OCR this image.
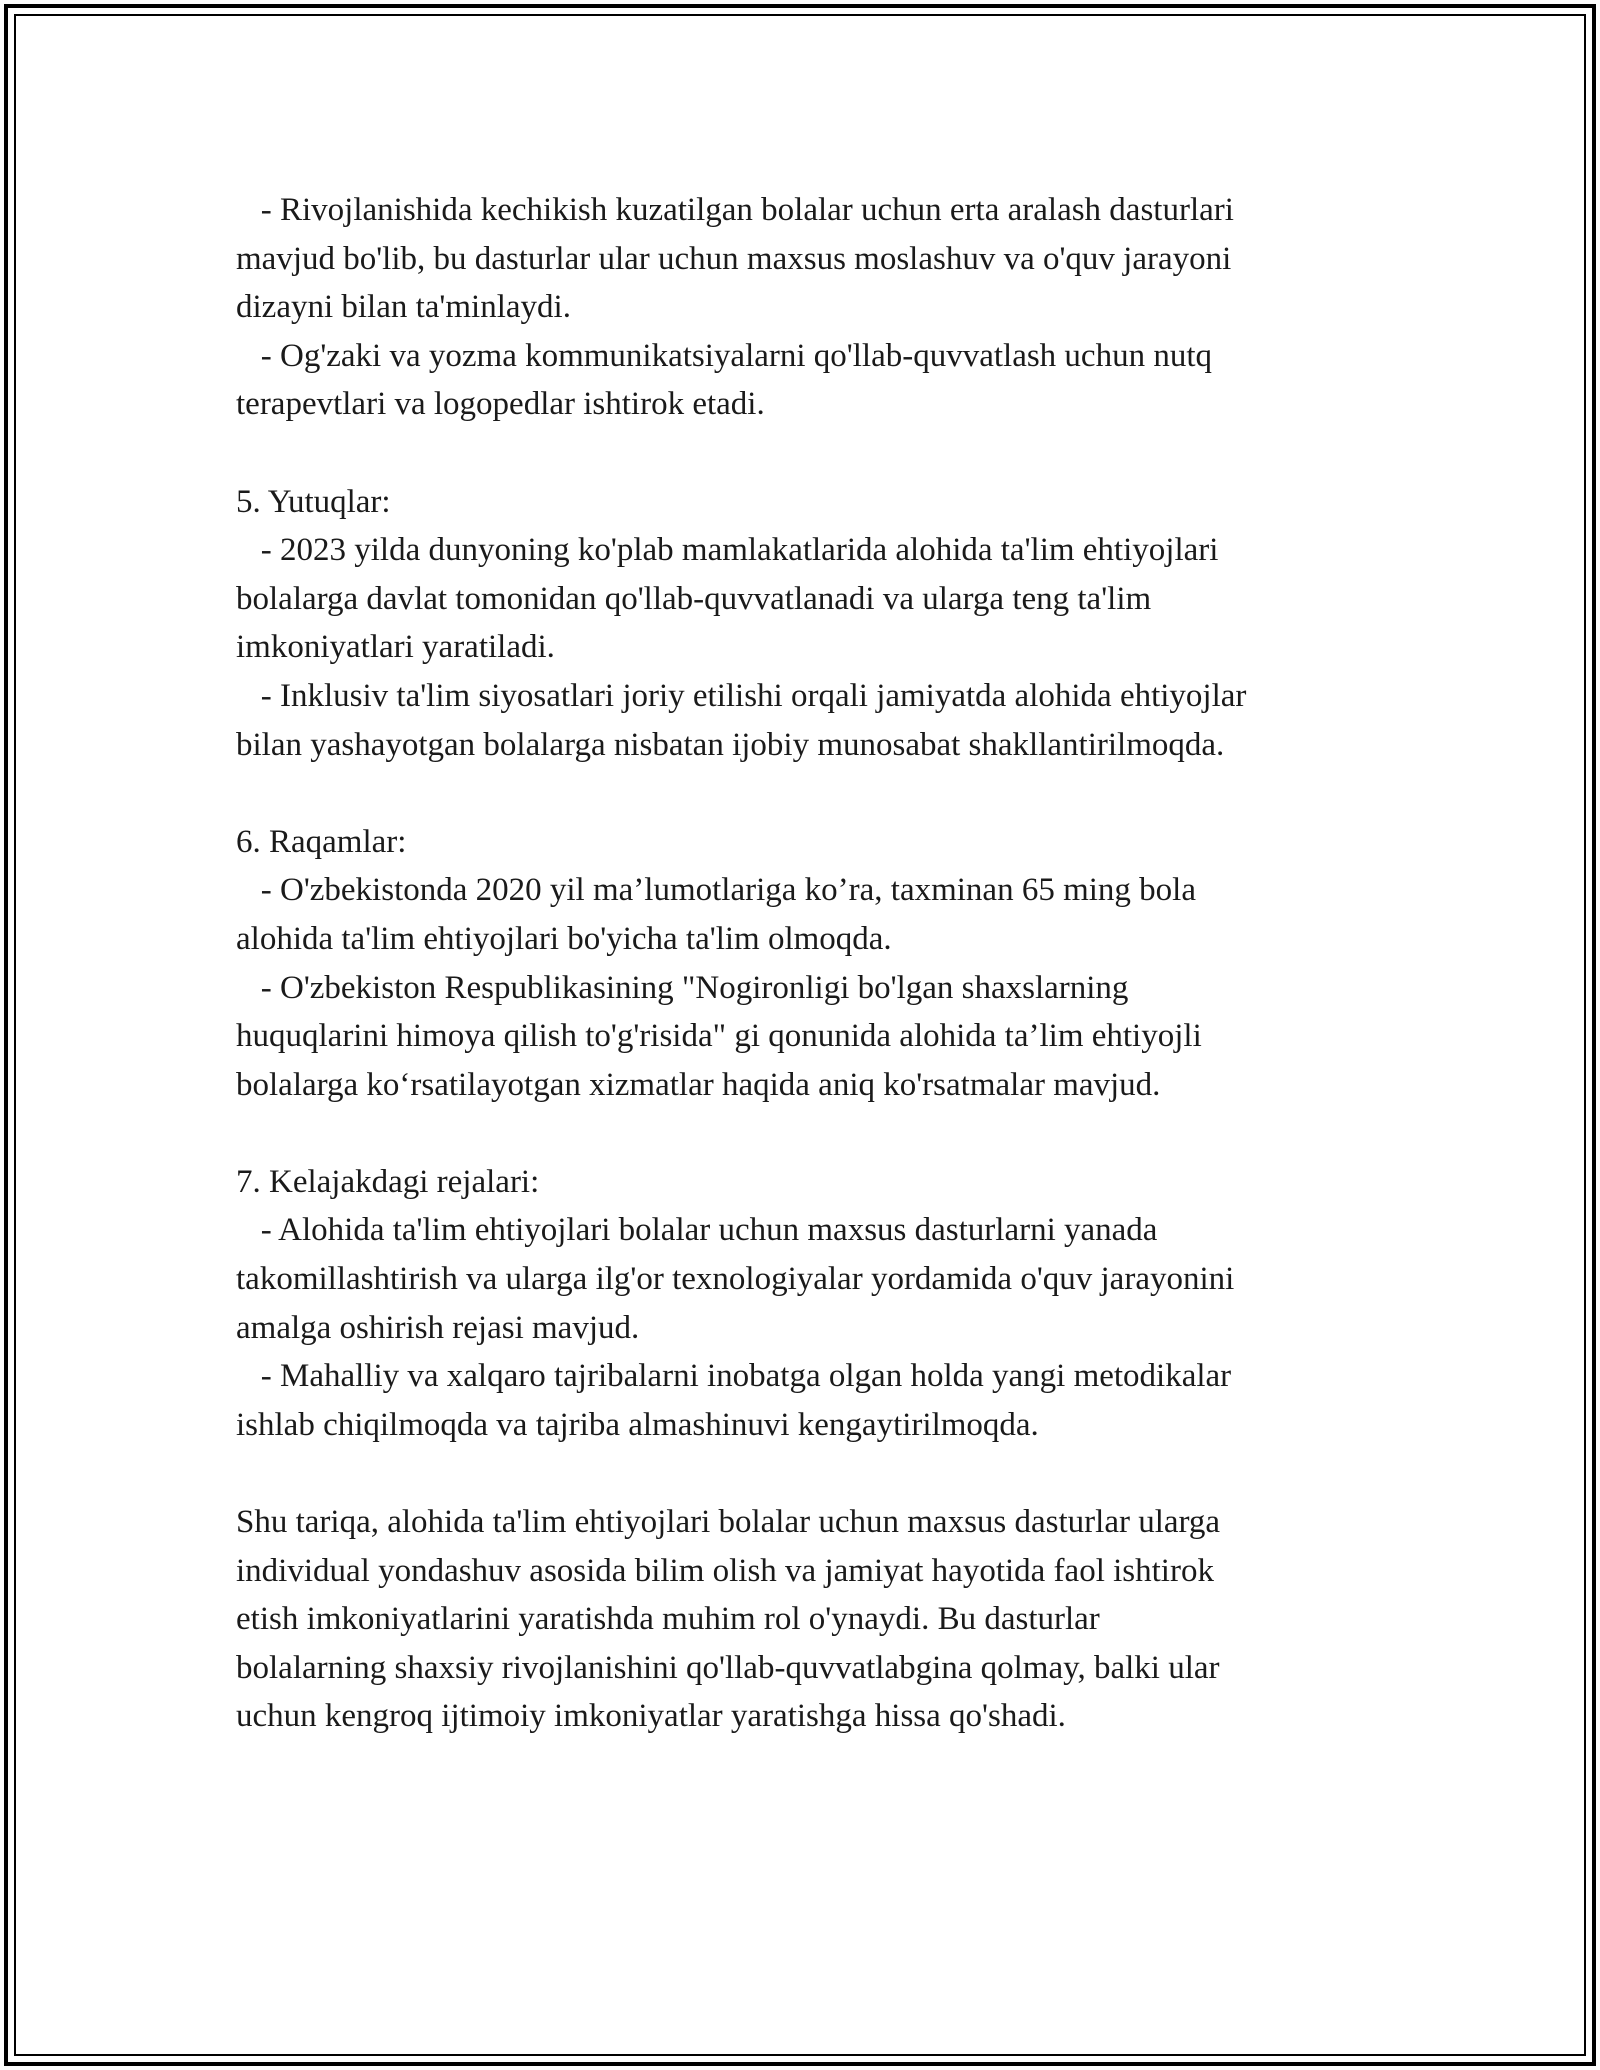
- Rivojlanishida kechikish kuzatilgan bolalar uchun erta aralash dasturlari
mavjud bo'lib, bu dasturlar ular uchun maxsus moslashuv va o'quv jarayoni
dizayni bilan ta'minlaydi.
- Og'zaki va yozma kommunikatsiyalarni qo'llab-quvvatlash uchun nutq
terapevtlari va logopedlar ishtirok etadi.
5. Yutuqlar:
- 2023 yilda dunyoning ko'plab mamlakatlarida alohida ta'lim ehtiyojlari
bolalarga davlat tomonidan qo'llab-quvvatlanadi va ularga teng ta'lim
imkoniyatlari yaratiladi.
- Inklusiv ta'lim siyosatlari joriy etilishi orqali jamiyatda alohida ehtiyojlar
bilan yashayotgan bolalarga nisbatan ijobiy munosabat shakllantirilmoqda.
6. Raqamlar:
- O'zbekistonda 2020 yil ma’lumotlariga ko’ra, taxminan 65 ming bola
alohida ta'lim ehtiyojlari bo'yicha ta'lim olmoqda.
- O'zbekiston Respublikasining "Nogironligi bo'lgan shaxslarning
huquqlarini himoya qilish to'g'risida" gi qonunida alohida ta’lim ehtiyojli
bolalarga ko‘rsatilayotgan xizmatlar haqida aniq ko'rsatmalar mavjud.
7. Kelajakdagi rejalari:
- Alohida ta'lim ehtiyojlari bolalar uchun maxsus dasturlarni yanada
takomillashtirish va ularga ilg'or texnologiyalar yordamida o'quv jarayonini
amalga oshirish rejasi mavjud.
- Mahalliy va xalqaro tajribalarni inobatga olgan holda yangi metodikalar
ishlab chiqilmoqda va tajriba almashinuvi kengaytirilmoqda.
Shu tariqa, alohida ta'lim ehtiyojlari bolalar uchun maxsus dasturlar ularga
individual yondashuv asosida bilim olish va jamiyat hayotida faol ishtirok
etish imkoniyatlarini yaratishda muhim rol o'ynaydi. Bu dasturlar
bolalarning shaxsiy rivojlanishini qo'llab-quvvatlabgina qolmay, balki ular
uchun kengroq ijtimoiy imkoniyatlar yaratishga hissa qo'shadi.
